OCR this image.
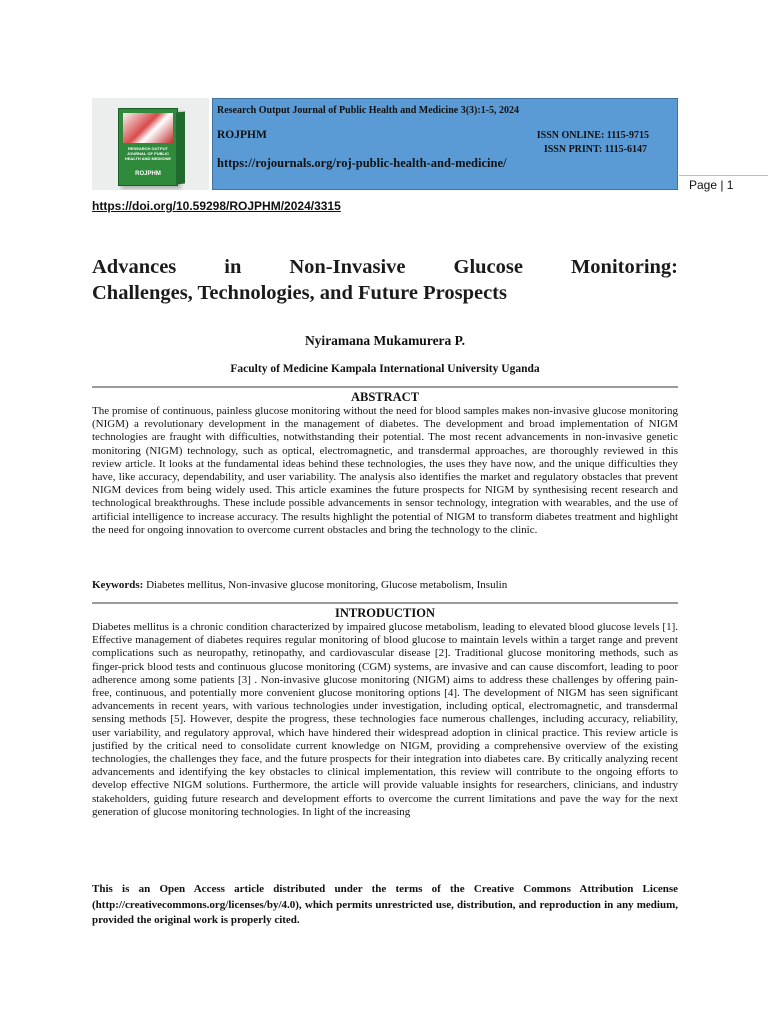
RESEARCH OUTPUT JOURNAL OF PUBLIC HEALTH AND MEDICINE
ROJPHM
Research Output Journal of Public Health and Medicine 3(3):1-5, 2024
ROJPHM	ISSN ONLINE: 1115-9715
ISSN PRINT: 1115-6147
https://rojournals.org/roj-public-health-and-medicine/
Page | 1
https://doi.org/10.59298/ROJPHM/2024/3315
Advances in Non-Invasive Glucose Monitoring:
Challenges, Technologies, and Future Prospects
Nyiramana Mukamurera P.
Faculty of Medicine Kampala International University Uganda
ABSTRACT

The promise of continuous, painless glucose monitoring without the need for blood samples makes non-invasive glucose monitoring (NIGM) a revolutionary development in the management of diabetes. The development and broad implementation of NIGM technologies are fraught with difficulties, notwithstanding their potential. The most recent advancements in non-invasive genetic monitoring (NIGM) technology, such as optical, electromagnetic, and transdermal approaches, are thoroughly reviewed in this review article. It looks at the fundamental ideas behind these technologies, the uses they have now, and the unique difficulties they have, like accuracy, dependability, and user variability. The analysis also identifies the market and regulatory obstacles that prevent NIGM devices from being widely used. This article examines the future prospects for NIGM by synthesising recent research and technological breakthroughs. These include possible advancements in sensor technology, integration with wearables, and the use of artificial intelligence to increase accuracy. The results highlight the potential of NIGM to transform diabetes treatment and highlight the need for ongoing innovation to overcome current obstacles and bring the technology to the clinic.

Keywords: Diabetes mellitus, Non-invasive glucose monitoring, Glucose metabolism, Insulin
INTRODUCTION

Diabetes mellitus is a chronic condition characterized by impaired glucose metabolism, leading to elevated blood glucose levels [1]. Effective management of diabetes requires regular monitoring of blood glucose to maintain levels within a target range and prevent complications such as neuropathy, retinopathy, and cardiovascular disease [2]. Traditional glucose monitoring methods, such as finger-prick blood tests and continuous glucose monitoring (CGM) systems, are invasive and can cause discomfort, leading to poor adherence among some patients [3] . Non-invasive glucose monitoring (NIGM) aims to address these challenges by offering pain-free, continuous, and potentially more convenient glucose monitoring options [4]. The development of NIGM has seen significant advancements in recent years, with various technologies under investigation, including optical, electromagnetic, and transdermal sensing methods [5]. However, despite the progress, these technologies face numerous challenges, including accuracy, reliability, user variability, and regulatory approval, which have hindered their widespread adoption in clinical practice. This review article is justified by the critical need to consolidate current knowledge on NIGM, providing a comprehensive overview of the existing technologies, the challenges they face, and the future prospects for their integration into diabetes care. By critically analyzing recent advancements and identifying the key obstacles to clinical implementation, this review will contribute to the ongoing efforts to develop effective NIGM solutions. Furthermore, the article will provide valuable insights for researchers, clinicians, and industry stakeholders, guiding future research and development efforts to overcome the current limitations and pave the way for the next generation of glucose monitoring technologies. In light of the increasing

This is an Open Access article distributed under the terms of the Creative Commons Attribution License (http://creativecommons.org/licenses/by/4.0), which permits unrestricted use, distribution, and reproduction in any medium, provided the original work is properly cited.
